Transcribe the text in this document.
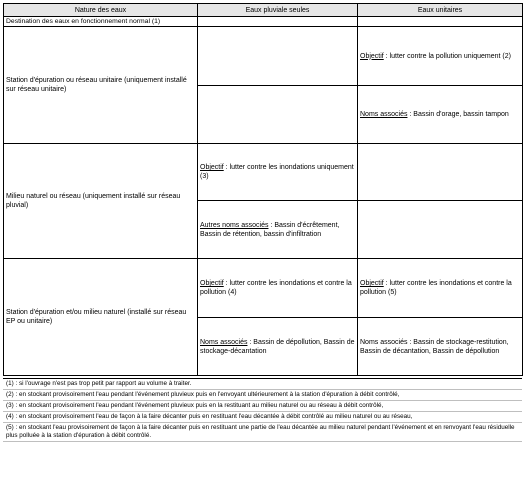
Nature des eaux	Eaux pluviale seules	Eaux unitaires
Destination des eaux en fonctionnement normal (1)		
Station d'épuration ou réseau unitaire (uniquement installé sur réseau unitaire)		Objectif : lutter contre la pollution uniquement (2)
		Noms associés : Bassin d'orage, bassin tampon
Milieu naturel ou réseau (uniquement installé sur réseau pluvial)	Objectif : lutter contre les inondations uniquement (3)	
	Autres noms associés : Bassin d'écrêtement, Bassin de rétention, bassin d'infiltration	
Station d'épuration et/ou milieu naturel (installé sur réseau EP ou unitaire)	Objectif : lutter contre les inondations et contre la pollution (4)	Objectif : lutter contre les inondations et contre la pollution (5)
	Noms associés : Bassin de dépollution, Bassin de stockage-décantation	Noms associés : Bassin de stockage-restitution, Bassin de décantation, Bassin de dépollution
(1) : si l'ouvrage n'est pas trop petit par rapport au volume à traiter.
(2) : en stockant provisoirement l'eau pendant l'événement pluvieux puis en l'envoyant ultérieurement à la station d'épuration à débit contrôlé,
(3) : en stockant provisoirement l'eau pendant l'événement pluvieux puis en la restituant au milieu naturel ou au réseau à débit contrôlé,
(4) : en stockant provisoirement l'eau de façon à la faire décanter puis en restituant l'eau décantée à débit contrôlé au milieu naturel ou au réseau,
(5) : en stockant l'eau provisoirement de façon à la faire décanter puis en restituant une partie de l'eau décantée au milieu naturel pendant l'événement et en renvoyant l'eau résiduelle plus polluée à la station d'épuration à débit contrôlé.
